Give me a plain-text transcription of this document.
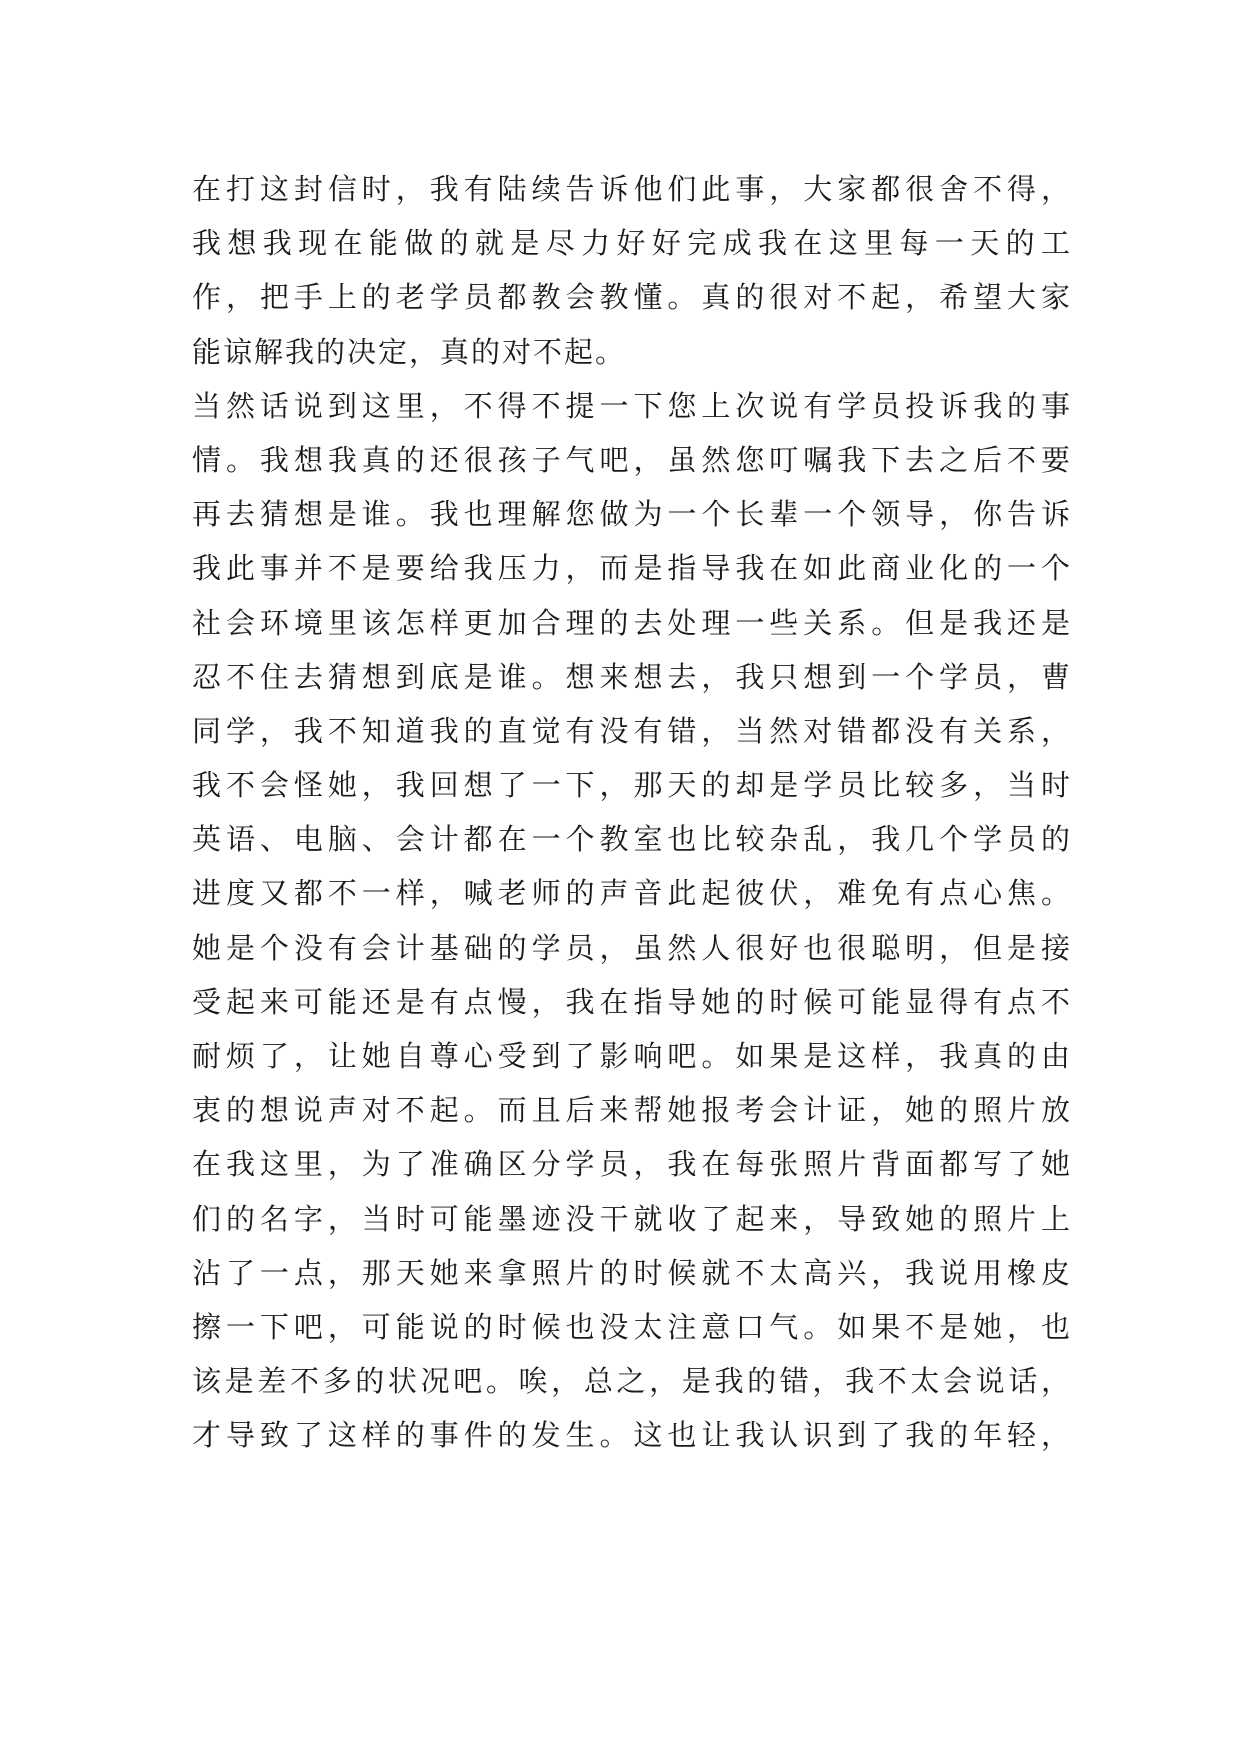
在打这封信时，我有陆续告诉他们此事，大家都很舍不得，
我想我现在能做的就是尽力好好完成我在这里每一天的工
作，把手上的老学员都教会教懂。真的很对不起，希望大家
能谅解我的决定，真的对不起。
当然话说到这里，不得不提一下您上次说有学员投诉我的事
情。我想我真的还很孩子气吧，虽然您叮嘱我下去之后不要
再去猜想是谁。我也理解您做为一个长辈一个领导，你告诉
我此事并不是要给我压力，而是指导我在如此商业化的一个
社会环境里该怎样更加合理的去处理一些关系。但是我还是
忍不住去猜想到底是谁。想来想去，我只想到一个学员，曹
同学，我不知道我的直觉有没有错，当然对错都没有关系，
我不会怪她，我回想了一下，那天的却是学员比较多，当时
英语、电脑、会计都在一个教室也比较杂乱，我几个学员的
进度又都不一样，喊老师的声音此起彼伏，难免有点心焦。
她是个没有会计基础的学员，虽然人很好也很聪明，但是接
受起来可能还是有点慢，我在指导她的时候可能显得有点不
耐烦了，让她自尊心受到了影响吧。如果是这样，我真的由
衷的想说声对不起。而且后来帮她报考会计证，她的照片放
在我这里，为了准确区分学员，我在每张照片背面都写了她
们的名字，当时可能墨迹没干就收了起来，导致她的照片上
沾了一点，那天她来拿照片的时候就不太高兴，我说用橡皮
擦一下吧，可能说的时候也没太注意口气。如果不是她，也
该是差不多的状况吧。唉，总之，是我的错，我不太会说话，
才导致了这样的事件的发生。这也让我认识到了我的年轻，
